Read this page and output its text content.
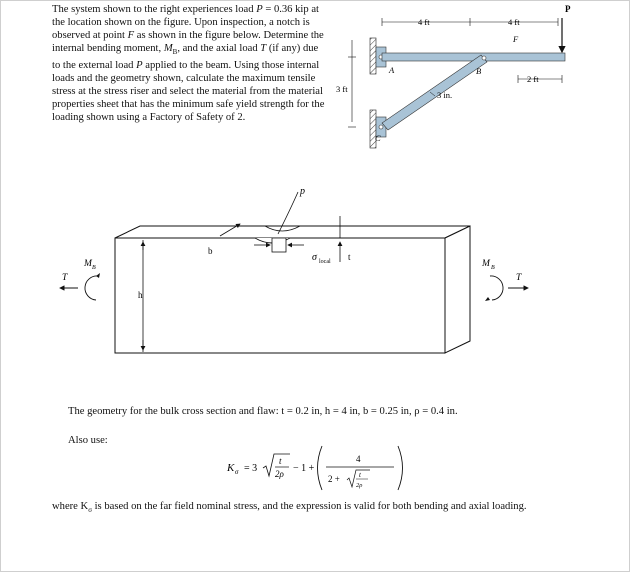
The system shown to the right experiences load P = 0.36 kip at the location shown on the figure. Upon inspection, a notch is observed at point F as shown in the figure below. Determine the internal bending moment, $M_B$, and the axial load T (if any) due to the external load P applied to the beam. Using those internal loads and the geometry shown, calculate the maximum tensile stress at the stress riser and select the material from the material properties sheet that has the minimum safe yield strength for the loading shown using a Factory of Safety of 2.
P
4 ft	4 ft
3 ft
2 ft
A	B
C
F
3 in.
p
b
t
σ local
h
M B
T
M B
T
The geometry for the bulk cross section and flaw: t = 0.2 in, h = 4 in, b = 0.25 in, ρ = 0.4 in.
Also use:
K σ = 3
t
2ρ − 1 +
4
2 +	t
2ρ
where $K_\sigma$ is based on the far field nominal stress, and the expression is valid for both bending and axial loading.
